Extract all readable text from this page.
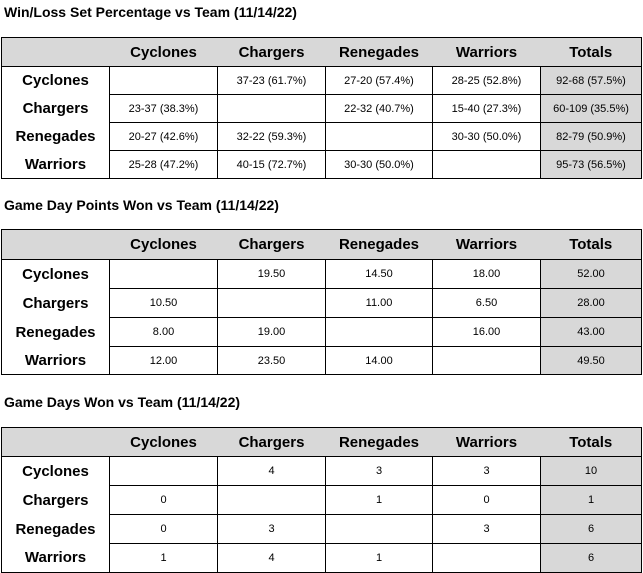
Win/Loss Set Percentage vs Team (11/14/22)
	Cyclones	Chargers	Renegades	Warriors	Totals
Cyclones		37-23 (61.7%)	27-20 (57.4%)	28-25 (52.8%)	92-68 (57.5%)
Chargers	23-37 (38.3%)		22-32 (40.7%)	15-40 (27.3%)	60-109 (35.5%)
Renegades	20-27 (42.6%)	32-22 (59.3%)		30-30 (50.0%)	82-79 (50.9%)
Warriors	25-28 (47.2%)	40-15 (72.7%)	30-30 (50.0%)		95-73 (56.5%)
Game Day Points Won vs Team (11/14/22)
	Cyclones	Chargers	Renegades	Warriors	Totals
Cyclones		19.50	14.50	18.00	52.00
Chargers	10.50		11.00	6.50	28.00
Renegades	8.00	19.00		16.00	43.00
Warriors	12.00	23.50	14.00		49.50
Game Days Won vs Team (11/14/22)
	Cyclones	Chargers	Renegades	Warriors	Totals
Cyclones		4	3	3	10
Chargers	0		1	0	1
Renegades	0	3		3	6
Warriors	1	4	1		6
